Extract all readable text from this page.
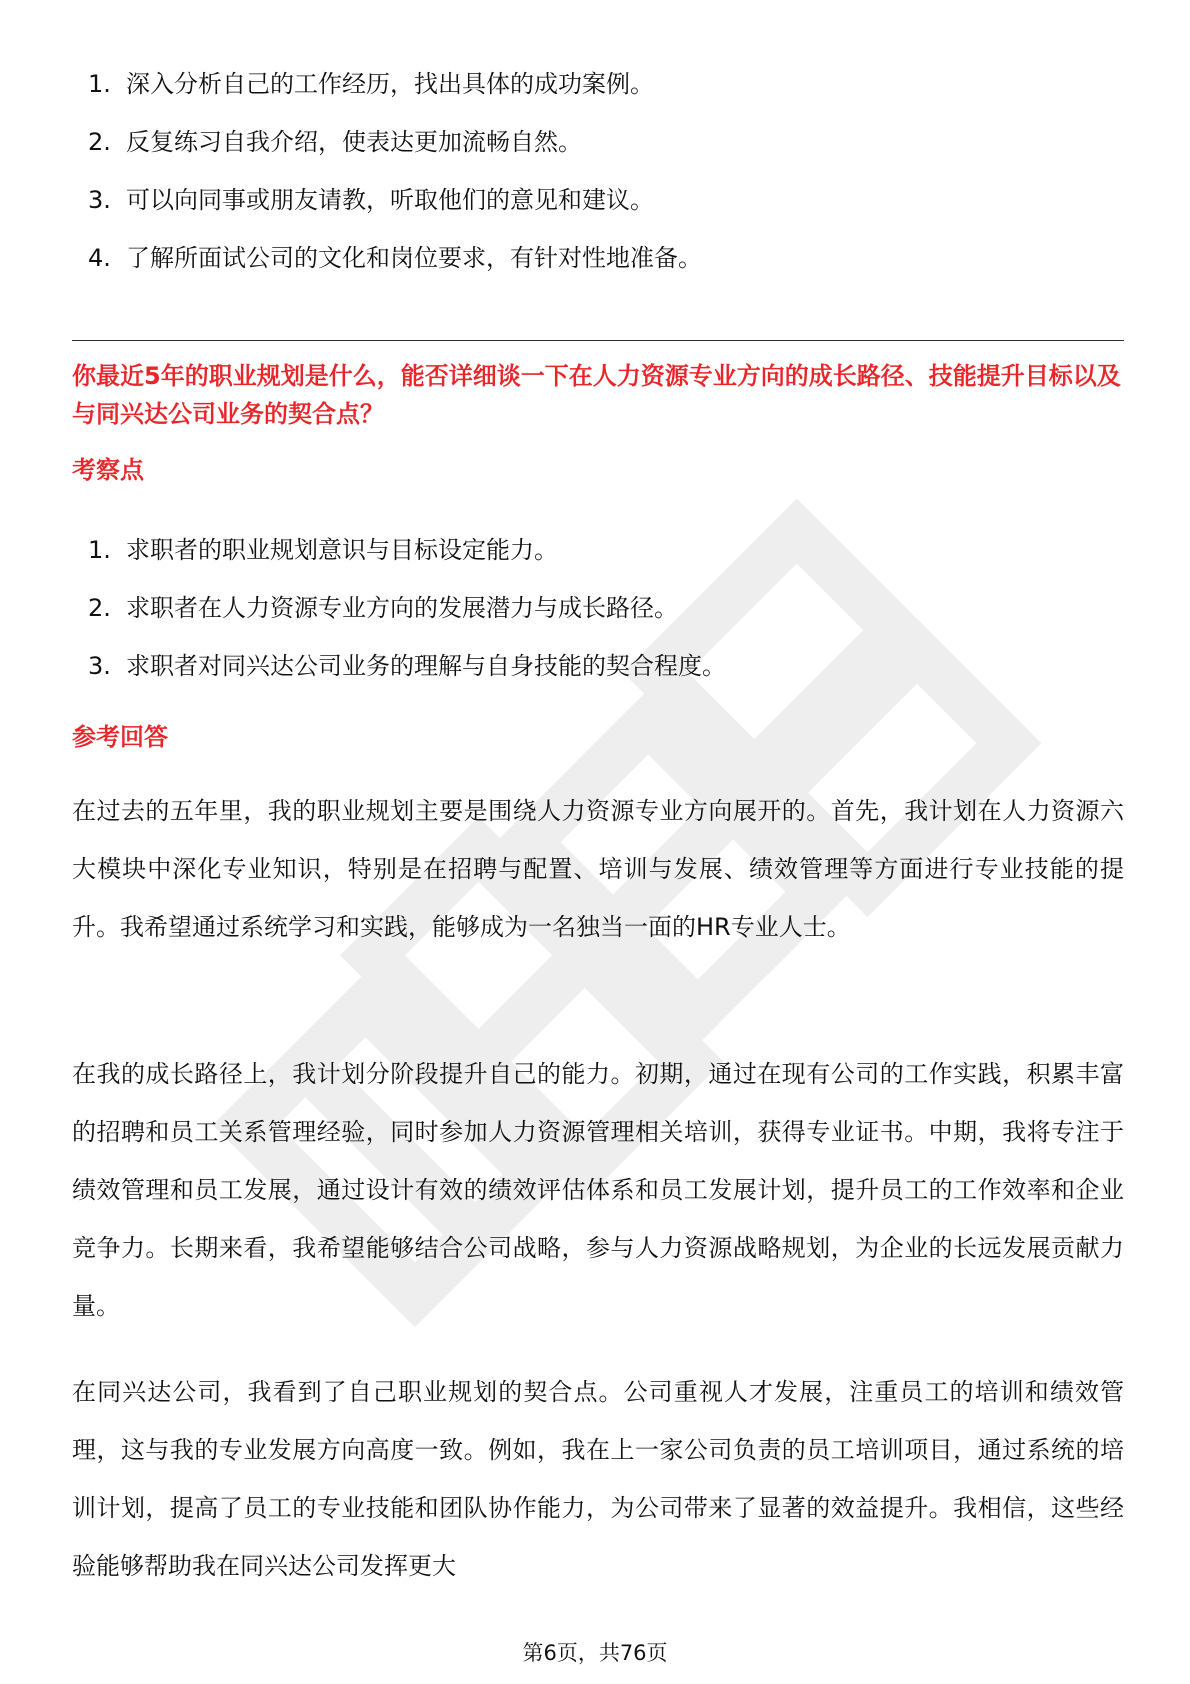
1. 深入分析自己的工作经历，找出具体的成功案例。
2. 反复练习自我介绍，使表达更加流畅自然。
3. 可以向同事或朋友请教，听取他们的意见和建议。
4. 了解所面试公司的文化和岗位要求，有针对性地准备。
你最近5年的职业规划是什么，能否详细谈一下在人力资源专业方向的成长路径、技能提升目标以及与同兴达公司业务的契合点？
考察点
1. 求职者的职业规划意识与目标设定能力。
2. 求职者在人力资源专业方向的发展潜力与成长路径。
3. 求职者对同兴达公司业务的理解与自身技能的契合程度。
参考回答

在过去的五年里，我的职业规划主要是围绕人力资源专业方向展开的。首先，我计划在人力资源六大模块中深化专业知识，特别是在招聘与配置、培训与发展、绩效管理等方面进行专业技能的提升。我希望通过系统学习和实践，能够成为一名独当一面的HR专业人士。

在我的成长路径上，我计划分阶段提升自己的能力。初期，通过在现有公司的工作实践，积累丰富的招聘和员工关系管理经验，同时参加人力资源管理相关培训，获得专业证书。中期，我将专注于绩效管理和员工发展，通过设计有效的绩效评估体系和员工发展计划，提升员工的工作效率和企业竞争力。长期来看，我希望能够结合公司战略，参与人力资源战略规划，为企业的长远发展贡献力量。

在同兴达公司，我看到了自己职业规划的契合点。公司重视人才发展，注重员工的培训和绩效管理，这与我的专业发展方向高度一致。例如，我在上一家公司负责的员工培训项目，通过系统的培训计划，提高了员工的专业技能和团队协作能力，为公司带来了显著的效益提升。我相信，这些经验能够帮助我在同兴达公司发挥更大

第6页，共76页
